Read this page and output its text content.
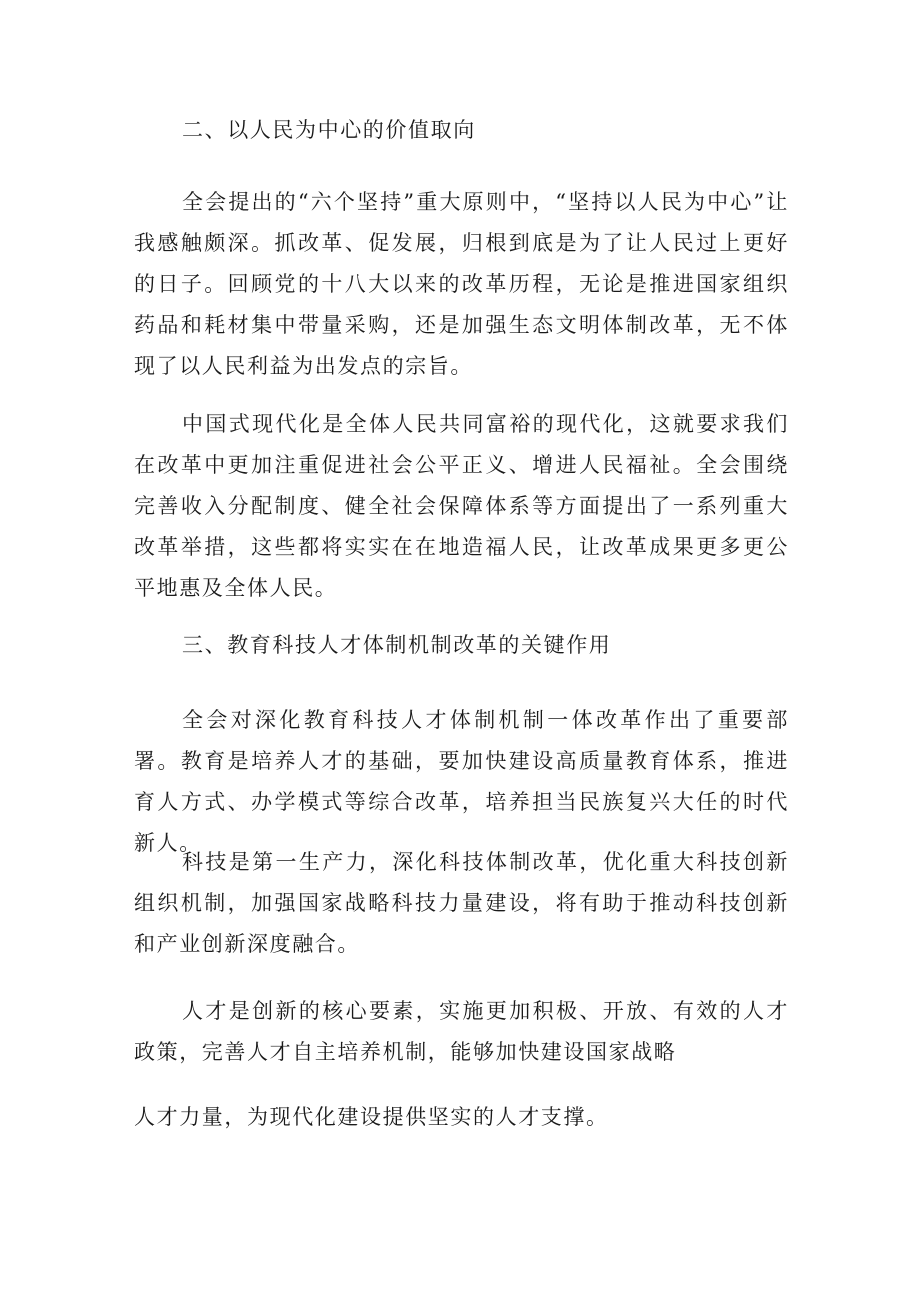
二、以人民为中心的价值取向

全会提出的“六个坚持”重大原则中，“坚持以人民为中心”让我感触颇深。抓改革、促发展，归根到底是为了让人民过上更好的日子。回顾党的十八大以来的改革历程，无论是推进国家组织药品和耗材集中带量采购，还是加强生态文明体制改革，无不体现了以人民利益为出发点的宗旨。

中国式现代化是全体人民共同富裕的现代化，这就要求我们在改革中更加注重促进社会公平正义、增进人民福祉。全会围绕完善收入分配制度、健全社会保障体系等方面提出了一系列重大改革举措，这些都将实实在在地造福人民，让改革成果更多更公平地惠及全体人民。

三、教育科技人才体制机制改革的关键作用

全会对深化教育科技人才体制机制一体改革作出了重要部署。教育是培养人才的基础，要加快建设高质量教育体系，推进育人方式、办学模式等综合改革，培养担当民族复兴大任的时代新人。

科技是第一生产力，深化科技体制改革，优化重大科技创新组织机制，加强国家战略科技力量建设，将有助于推动科技创新和产业创新深度融合。

人才是创新的核心要素，实施更加积极、开放、有效的人才政策，完善人才自主培养机制，能够加快建设国家战略

人才力量，为现代化建设提供坚实的人才支撑。
